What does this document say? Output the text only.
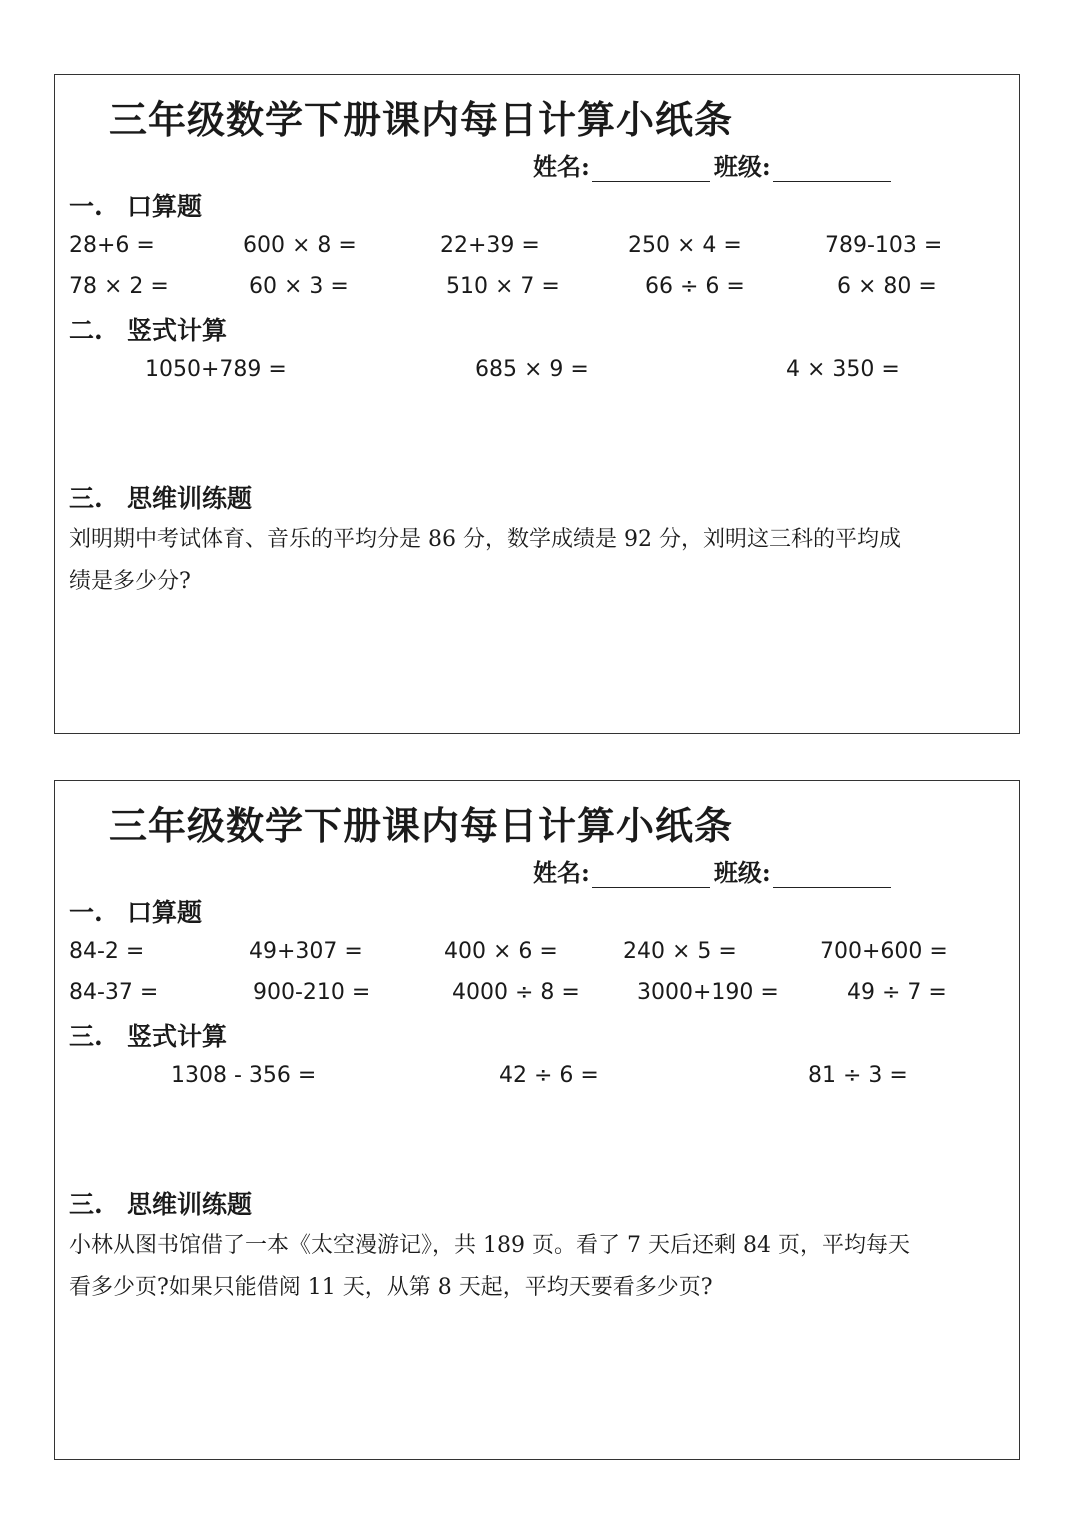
三年级数学下册课内每日计算小纸条
姓名:	班级:
一. 口算题
28+6 =	600 × 8 =	22+39 =	250 × 4 =	789-103 =
78 × 2 =	60 × 3 =	510 × 7 =	66 ÷ 6 =	6 × 80 =
二. 竖式计算
1050+789 =	685 × 9 =	4 × 350 =
三. 思维训练题
刘明期中考试体育、音乐的平均分是 86 分，数学成绩是 92 分，刘明这三科的平均成
绩是多少分?
三年级数学下册课内每日计算小纸条
姓名:	班级:
一. 口算题
84-2 =	49+307 =	400 × 6 =	240 × 5 =	700+600 =
84-37 =	900-210 =	4000 ÷ 8 =	3000+190 =	49 ÷ 7 =
三. 竖式计算
1308 - 356 =	42 ÷ 6 =	81 ÷ 3 =
三. 思维训练题
小林从图书馆借了一本《太空漫游记》，共 189 页。看了 7 天后还剩 84 页，平均每天
看多少页?如果只能借阅 11 天，从第 8 天起，平均天要看多少页?
